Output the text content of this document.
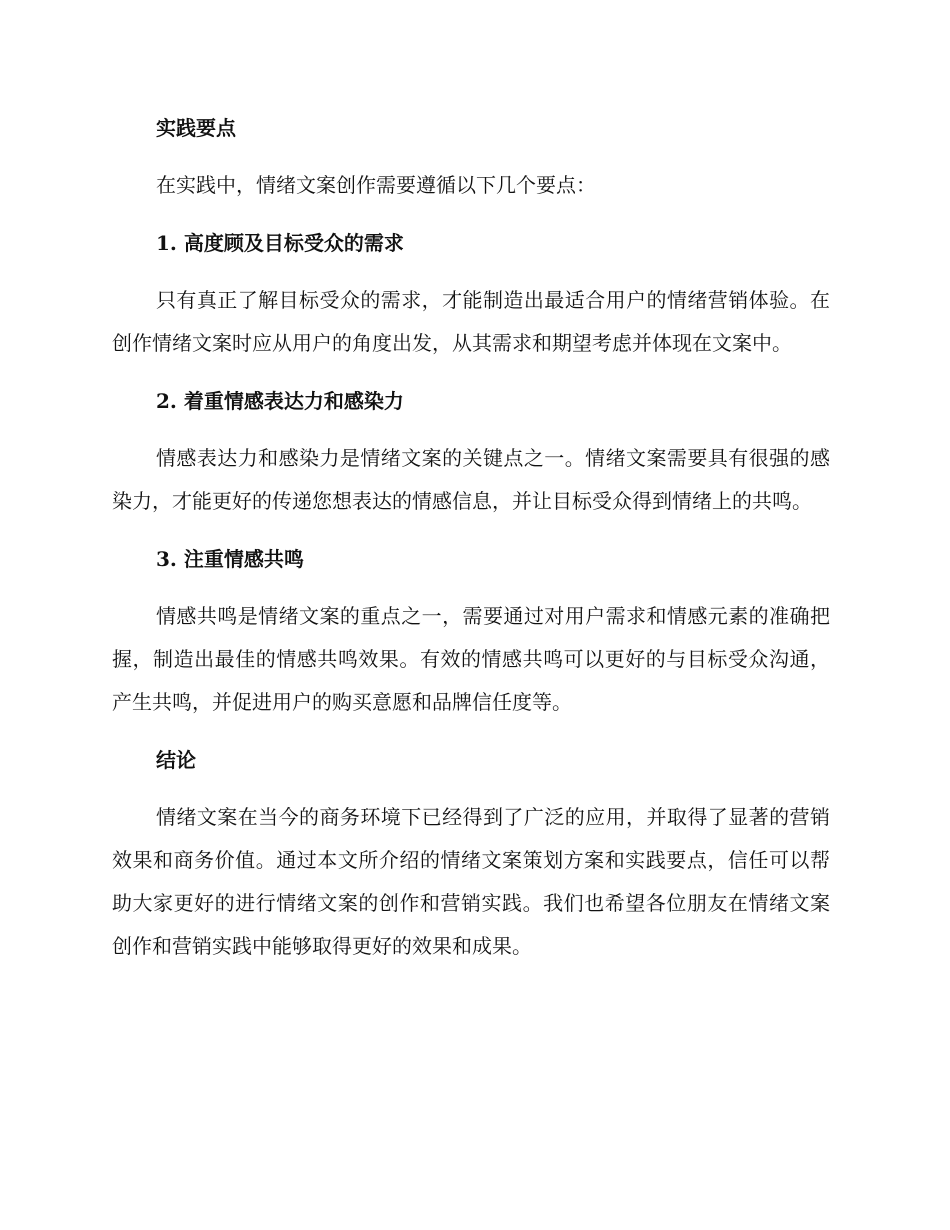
实践要点

在实践中，情绪文案创作需要遵循以下几个要点：

1. 高度顾及目标受众的需求

只有真正了解目标受众的需求，才能制造出最适合用户的情绪营销体验。在创作情绪文案时应从用户的角度出发，从其需求和期望考虑并体现在文案中。

2. 着重情感表达力和感染力

情感表达力和感染力是情绪文案的关键点之一。情绪文案需要具有很强的感染力，才能更好的传递您想表达的情感信息，并让目标受众得到情绪上的共鸣。

3. 注重情感共鸣

情感共鸣是情绪文案的重点之一，需要通过对用户需求和情感元素的准确把握，制造出最佳的情感共鸣效果。有效的情感共鸣可以更好的与目标受众沟通，产生共鸣，并促进用户的购买意愿和品牌信任度等。

结论

情绪文案在当今的商务环境下已经得到了广泛的应用，并取得了显著的营销效果和商务价值。通过本文所介绍的情绪文案策划方案和实践要点，信任可以帮助大家更好的进行情绪文案的创作和营销实践。我们也希望各位朋友在情绪文案创作和营销实践中能够取得更好的效果和成果。
